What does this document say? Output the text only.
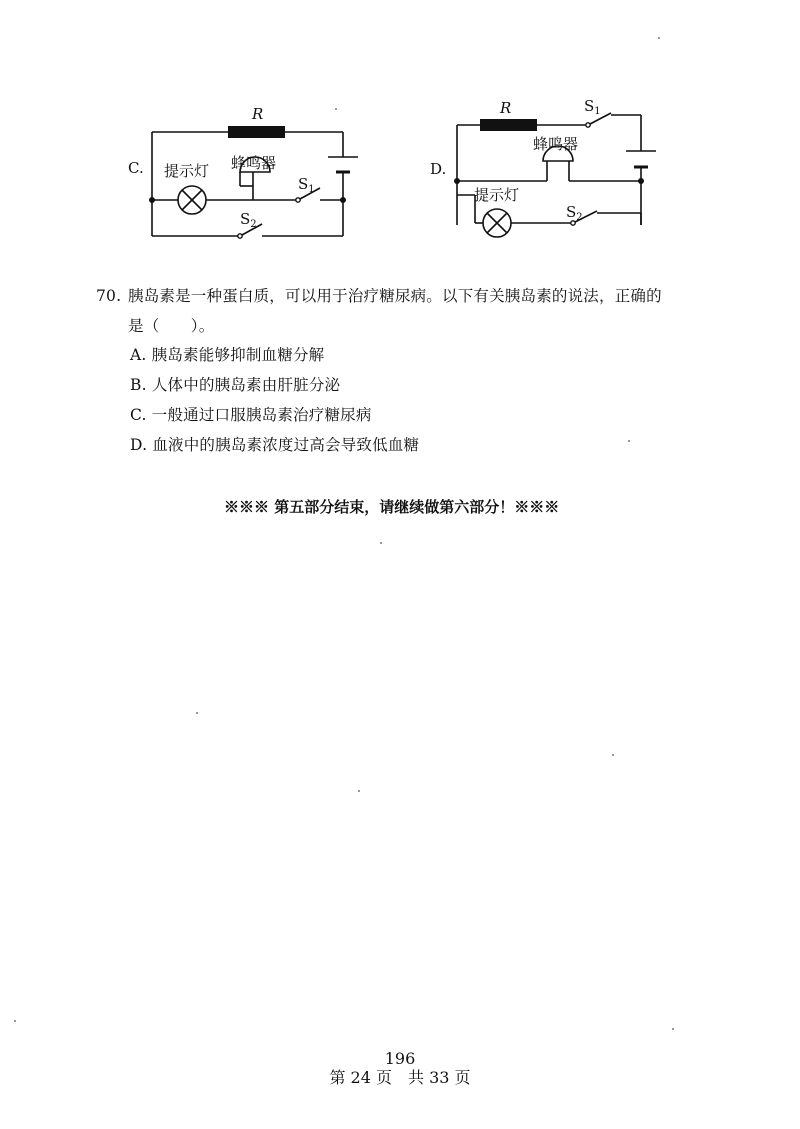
C.
R
提示灯 蜂鸣器
$S_1$
$S_2$
D.
R	$S_1$
蜂鸣器
提示灯
$S_2$
70. 胰岛素是一种蛋白质，可以用于治疗糖尿病。以下有关胰岛素的说法，正确的
是（　　）。
A. 胰岛素能够抑制血糖分解
B. 人体中的胰岛素由肝脏分泌
C. 一般通过口服胰岛素治疗糖尿病
D. 血液中的胰岛素浓度过高会导致低血糖
※※※ 第五部分结束，请继续做第六部分！※※※
196
第 24 页　共 33 页
